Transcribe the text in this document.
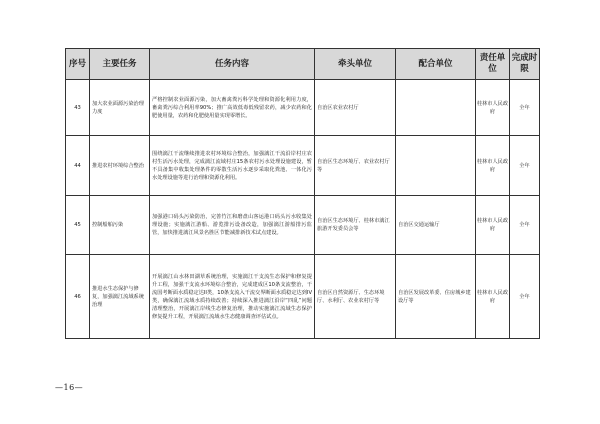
序号	主要任务	任务内容	牵头单位	配合单位	责任单位	完成时限
43	加大农业面源污染治理力度	严格控制农业面源污染，加大畜禽粪污科学处理和资源化利用力度，畜禽粪污综合利用率90%；推广高效低毒低残留农药，减少农药和化肥使用量，农药和化肥使用量实现零增长。	自治区农业农村厅		桂林市人民政府	全年
44	推进农村环境综合整治	围绕漓江干流继续推进农村环境综合整治，加强漓江干流沿岸村庄农村生活污水处理，完成漓江流域村庄15条农村污水处理设施建设，暂不具备集中收集处理条件的零散生活污水逐步采取化粪池、一体化污水处理设施等进行治理和资源化利用。	自治区生态环境厅、农业农村厅等		桂林市人民政府	全年
45	控制船舶污染	加强港口码头污染防治，完善竹江和磨盘山客运港口码头污水收集处理设施；实施漓江游船、游览排污设备改造，加强漓江游船排污监管，加快推进漓江风景名胜区节能减排新技术试点建设。	自治区生态环境厅、桂林市漓江旅游开发委员会等	自治区交通运输厅	桂林市人民政府	全年
46	推进水生态保护与修复，加强漓江流域系统治理	开展漓江山水林田湖草系统治理，实施漓江干支流生态保护和修复提升工程，加强干支流水环境综合整治，完成建成区10条支流整治，干流国考断面水质稳定达II类，10条支流入干流交界断面水质稳定达到IV类，确保漓江流域水质持续改善；持续深入推进漓江沿岸“四乱”问题清理整治，开展漓江岸线生态修复治理，推动实施漓江流域生态保护修复提升工程，开展漓江流域水生态健康调查评估试点。	自治区自然资源厅、生态环境厅、水利厅、农业农村厅等	自治区发展改革委、住房城乡建设厅等	桂林市人民政府	全年
—16—
